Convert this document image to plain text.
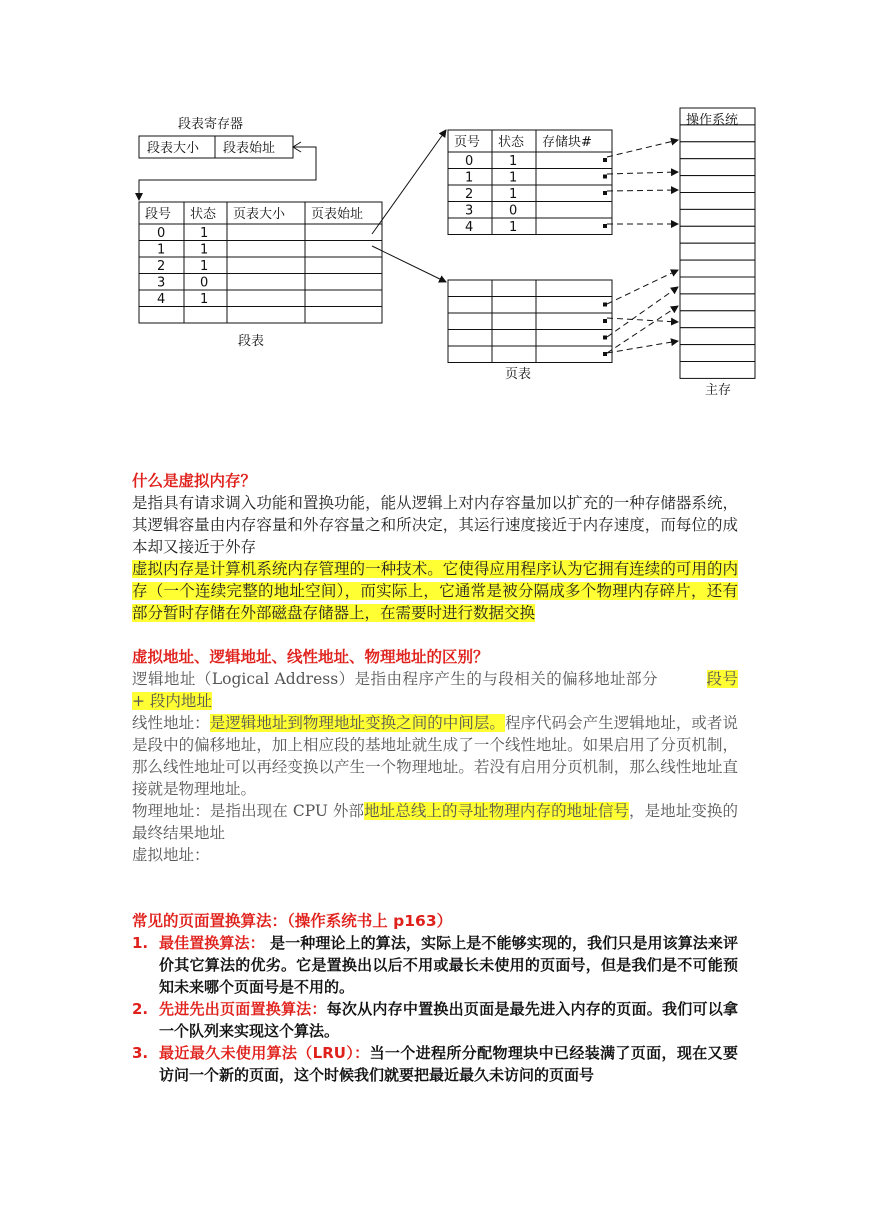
段表寄存器
段表大小 段表始址
段号 状态 页表大小 页表始址
0	1
1	1
2	1
3	0
4	1
段表
页号 状态 存储块#
0	1
1	1
2	1
3	0
4	1
页表
操作系统
主存
什么是虚拟内存？

是指具有请求调入功能和置换功能，能从逻辑上对内存容量加以扩充的一种存储器系统，其逻辑容量由内存容量和外存容量之和所决定，其运行速度接近于内存速度，而每位的成本却又接近于外存

虚拟内存是计算机系统内存管理的一种技术。它使得应用程序认为它拥有连续的可用的内存（一个连续完整的地址空间），而实际上，它通常是被分隔成多个物理内存碎片，还有部分暂时存储在外部磁盘存储器上，在需要时进行数据交换

虚拟地址、逻辑地址、线性地址、物理地址的区别？

逻辑地址（Logical Address）是指由程序产生的与段相关的偏移地址部分	段号 + 段内地址

线性地址：是逻辑地址到物理地址变换之间的中间层。程序代码会产生逻辑地址，或者说是段中的偏移地址，加上相应段的基地址就生成了一个线性地址。如果启用了分页机制，那么线性地址可以再经变换以产生一个物理地址。若没有启用分页机制，那么线性地址直接就是物理地址。

物理地址：是指出现在 CPU 外部地址总线上的寻址物理内存的地址信号，是地址变换的最终结果地址

虚拟地址：

常见的页面置换算法：（操作系统书上 p163）
1. 最佳置换算法： 是一种理论上的算法，实际上是不能够实现的，我们只是用该算法来评价其它算法的优劣。它是置换出以后不用或最长未使用的页面号，但是我们是不可能预知未来哪个页面号是不用的。
2. 先进先出页面置换算法：每次从内存中置换出页面是最先进入内存的页面。我们可以拿一个队列来实现这个算法。
3. 最近最久未使用算法（LRU）：当一个进程所分配物理块中已经装满了页面，现在又要访问一个新的页面，这个时候我们就要把最近最久未访问的页面号
